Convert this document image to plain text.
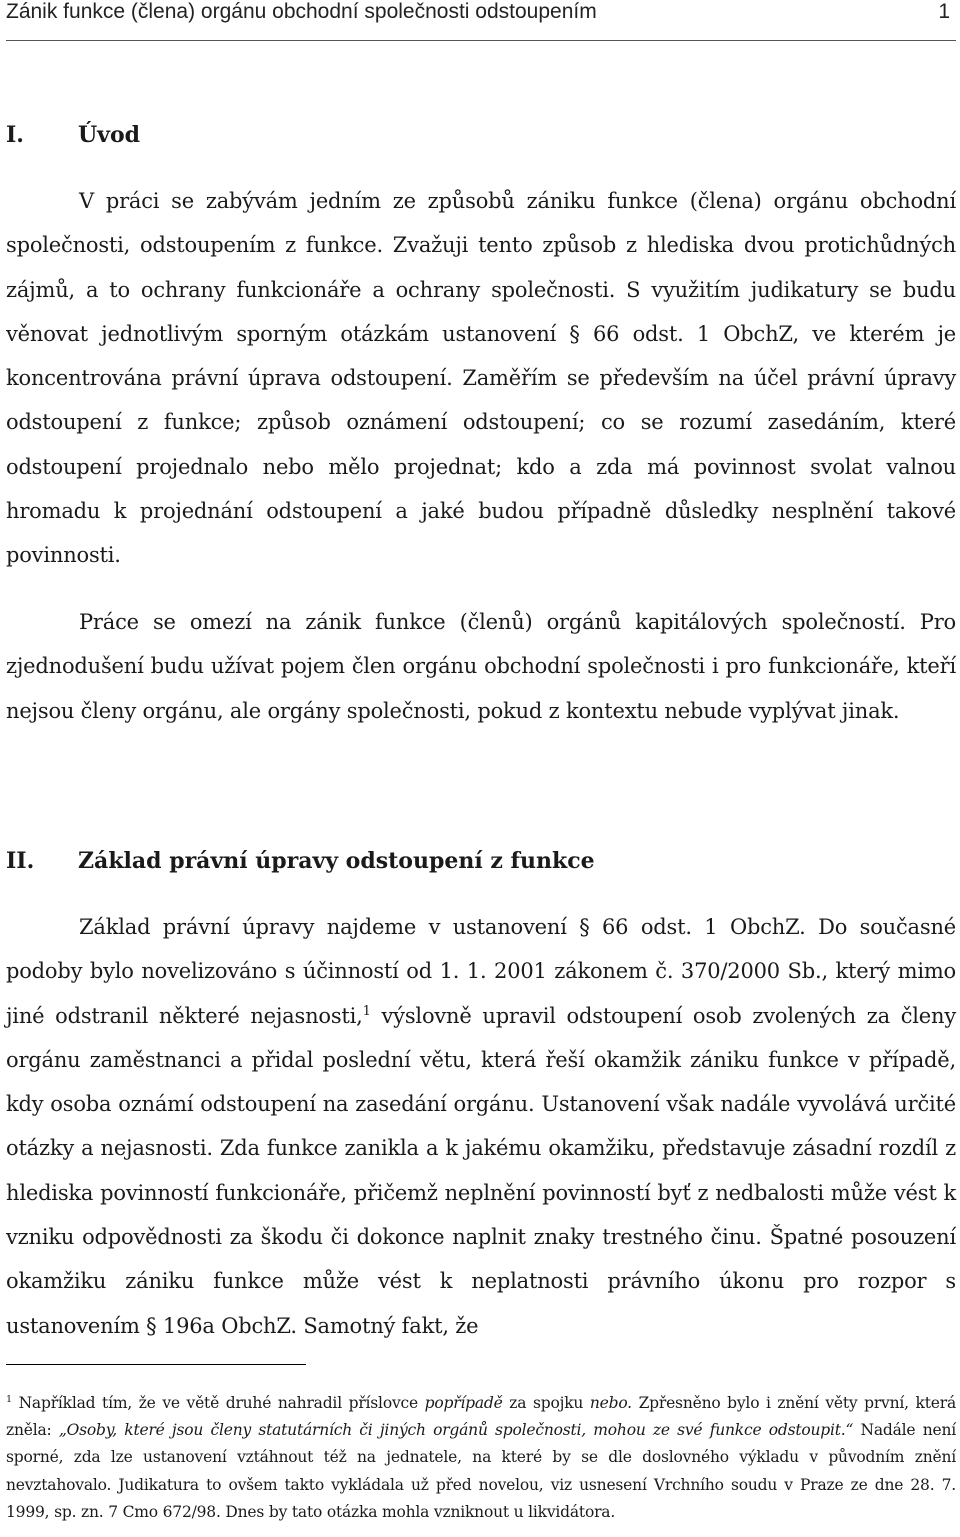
Zánik funkce (člena) orgánu obchodní společnosti odstoupením	1
I. Úvod
V práci se zabývám jedním ze způsobů zániku funkce (člena) orgánu obchodní společnosti, odstoupením z funkce. Zvažuji tento způsob z hlediska dvou protichůdných zájmů, a to ochrany funkcionáře a ochrany společnosti. S využitím judikatury se budu věnovat jednotlivým sporným otázkám ustanovení § 66 odst. 1 ObchZ, ve kterém je koncentrována právní úprava odstoupení. Zaměřím se především na účel právní úpravy odstoupení z funkce; způsob oznámení odstoupení; co se rozumí zasedáním, které odstoupení projednalo nebo mělo projednat; kdo a zda má povinnost svolat valnou hromadu k projednání odstoupení a jaké budou případně důsledky nesplnění takové povinnosti.
Práce se omezí na zánik funkce (členů) orgánů kapitálových společností. Pro zjednodušení budu užívat pojem člen orgánu obchodní společnosti i pro funkcionáře, kteří nejsou členy orgánu, ale orgány společnosti, pokud z kontextu nebude vyplývat jinak.
II. Základ právní úpravy odstoupení z funkce
Základ právní úpravy najdeme v ustanovení § 66 odst. 1 ObchZ. Do současné podoby bylo novelizováno s účinností od 1. 1. 2001 zákonem č. 370/2000 Sb., který mimo jiné odstranil některé nejasnosti,$^1$ výslovně upravil odstoupení osob zvolených za členy orgánu zaměstnanci a přidal poslední větu, která řeší okamžik zániku funkce v případě, kdy osoba oznámí odstoupení na zasedání orgánu. Ustanovení však nadále vyvolává určité otázky a nejasnosti. Zda funkce zanikla a k jakému okamžiku, představuje zásadní rozdíl z hlediska povinností funkcionáře, přičemž neplnění povinností byť z nedbalosti může vést k vzniku odpovědnosti za škodu či dokonce naplnit znaky trestného činu. Špatné posouzení okamžiku zániku funkce může vést k neplatnosti právního úkonu pro rozpor s ustanovením § 196a ObchZ. Samotný fakt, že
$^1$ Například tím, že ve větě druhé nahradil příslovce popřípadě za spojku nebo. Zpřesněno bylo i znění věty první, která zněla: „Osoby, které jsou členy statutárních či jiných orgánů společnosti, mohou ze své funkce odstoupit.“ Nadále není sporné, zda lze ustanovení vztáhnout též na jednatele, na které by se dle doslovného výkladu v původním znění nevztahovalo. Judikatura to ovšem takto vykládala už před novelou, viz usnesení Vrchního soudu v Praze ze dne 28. 7. 1999, sp. zn. 7 Cmo 672/98. Dnes by tato otázka mohla vzniknout u likvidátora.
